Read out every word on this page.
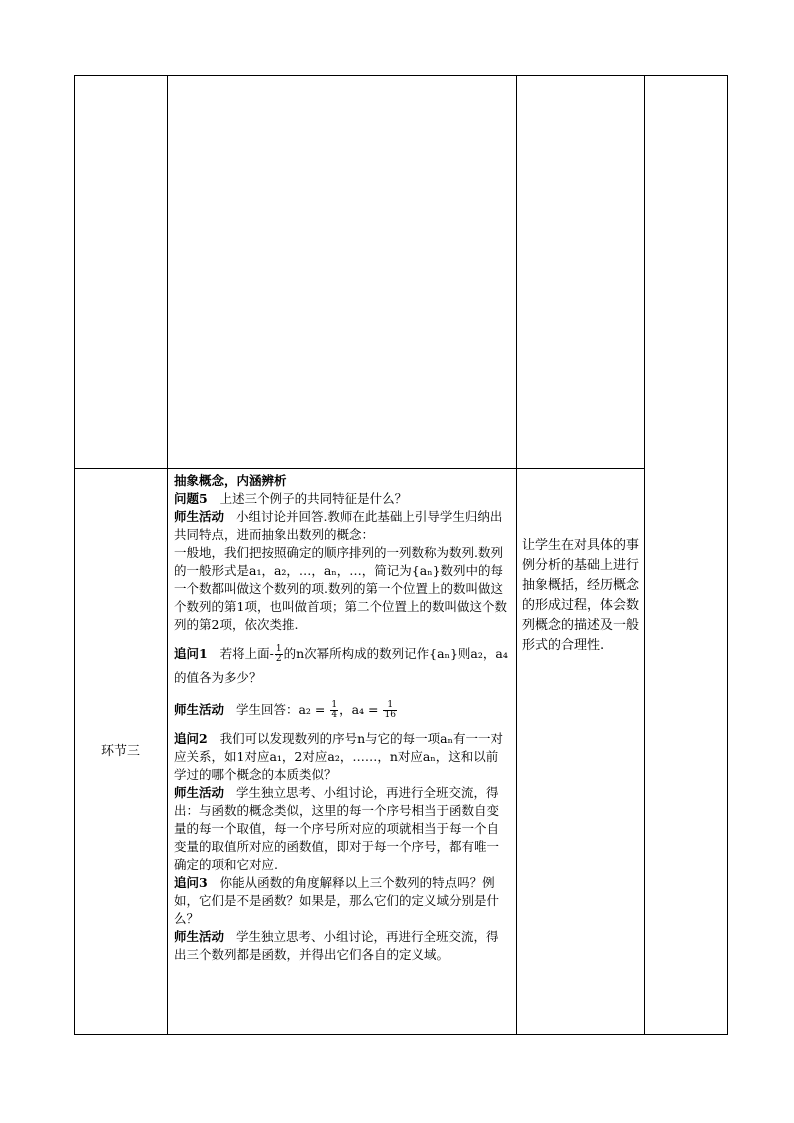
环节三

抽象概念，内涵辨析

问题5 上述三个例子的共同特征是什么？

师生活动 小组讨论并回答.教师在此基础上引导学生归纳出共同特点，进而抽象出数列的概念：

一般地，我们把按照确定的顺序排列的一列数称为数列.数列的一般形式是a₁，a₂，…，aₙ，…，简记为{aₙ}数列中的每一个数都叫做这个数列的项.数列的第一个位置上的数叫做这个数列的第1项，也叫做首项；第二个位置上的数叫做这个数列的第2项，依次类推.

追问1 若将上面- $\frac{1}{2}$ 的n次幂所构成的数列记作{aₙ}则a₂，a₄的值各为多少？

师生活动 学生回答：$a_2 = \frac{1}{4}$ ，$a_4 = \frac{1}{16}$

追问2 我们可以发现数列的序号n与它的每一项aₙ有一一对应关系，如1对应a₁，2对应a₂，……，n对应aₙ，这和以前学过的哪个概念的本质类似？

师生活动 学生独立思考、小组讨论，再进行全班交流，得出：与函数的概念类似，这里的每一个序号相当于函数自变量的每一个取值，每一个序号所对应的项就相当于每一个自变量的取值所对应的函数值，即对于每一个序号，都有唯一确定的项和它对应.

追问3 你能从函数的角度解释以上三个数列的特点吗？例如，它们是不是函数？如果是，那么它们的定义域分别是什么？

师生活动 学生独立思考、小组讨论，再进行全班交流，得出三个数列都是函数，并得出它们各自的定义域。

让学生在对具体的事例分析的基础上进行抽象概括，经历概念的形成过程，体会数列概念的描述及一般形式的合理性.
